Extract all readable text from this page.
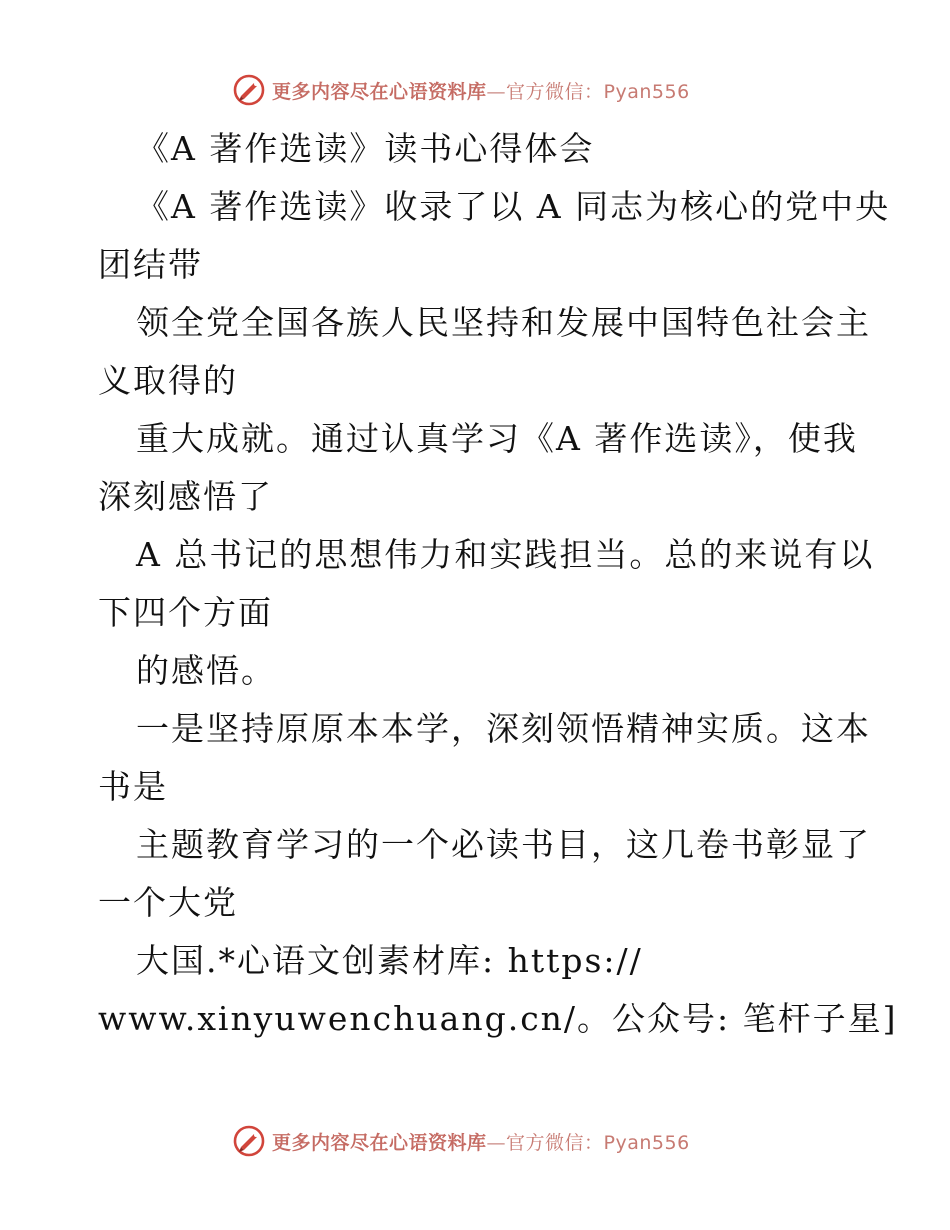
更多内容尽在心语资料库—官方微信：Pyan556
《A 著作选读》读书心得体会
《A 著作选读》收录了以 A 同志为核心的党中央
团结带
领全党全国各族人民坚持和发展中国特色社会主
义取得的
重大成就。通过认真学习《A 著作选读》，使我
深刻感悟了
A 总书记的思想伟力和实践担当。总的来说有以
下四个方面
的感悟。
一是坚持原原本本学，深刻领悟精神实质。这本
书是
主题教育学习的一个必读书目，这几卷书彰显了
一个大党
大国.*心语文创素材库: https://
www.xinyuwenchuang.cn/。公众号: 笔杆子星]
更多内容尽在心语资料库—官方微信：Pyan556
